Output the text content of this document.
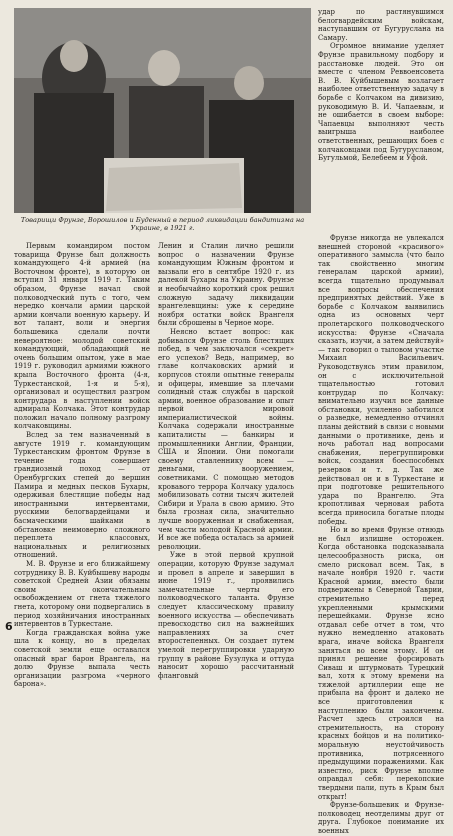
Товарищи Фрунзе, Ворошилов и Буденный в период ликвидации бандитизма на Украине, в 1921 г.

удар по растянувшимся белогвардейским войскам, наступавшим от Бугуруслана на Самару.

Огромное внимание уделяет Фрунзе правильному подбору и расстановке людей. Это он вместе с членом Реввоенсовета В. В. Куйбышевым возлагает наиболее ответственную задачу в борьбе с Колчаком на дивизию, руководимую В. И. Чапаевым, и не ошибается в своем выборе: Чапаевцы выполняют честь выигрыша наиболее ответственных, решающих боев с колчаковцами под Бугурусланом, Бугульмой, Белебеем и Уфой.

Первым командиром постом товарища Фрунзе был должность командующего 4-й армией (на Восточном фронте), в которую он вступил 31 января 1919 г. Таким образом, Фрунзе начал свой полководческий путь с того, чем нередко кончали армии царской армии кончали военную карьеру. И вот талант, воли и энергия большевика сделали почти невероятное: молодой советский командующий, обладающий не очень большим опытом, уже в мае 1919 г. руководил армиями южного крыла Восточного фронта (4-я, Туркестанской, 1-я и 5-я), организовал и осуществил разгром контрудара в наступлении войск адмирала Колчака. Этот контрудар положил начало полному разгрому колчаковщины.

Вслед за тем назначенный в августе 1919 г. командующим Туркестанским фронтом Фрунзе в течение года совершает грандиозный поход — от Оренбургских степей до вершин Памира и медных песков Бухары, одерживая блестящие победы над иностранными интервентами, русскими белогвардейцами и басмаческими шайками в обстановке неимоверно сложного переплета классовых, национальных и религиозных отношений.

М. В. Фрунзе и его ближайшему сотруднику В. В. Куйбышеву народы советской Средней Азии обязаны своим окончательным освобождением от гнета тяжелого гнета, которому они подвергались в период хозяйничания иностранных интервентов в Туркестане.

Когда гражданская война уже шла к концу, но в пределах советской земли еще оставался опасный враг барон Врангель, на долю Фрунзе выпала честь организации разгрома «черного барона».

Ленин и Сталин лично решили вопрос о назначении Фрунзе командующим Южным фронтом и вызвали его в сентябре 1920 г. из далекой Бухары на Украину. Фрунзе и необычайно короткий срок решил сложную задачу ликвидации врангелевщины: уже к середине ноября остатки войск Врангеля были сброшены в Черное море.

Неясно встает вопрос: как добивался Фрунзе столь блестящих побед, в чем заключался «секрет» его успехов? Ведь, например, во главе колчаковских армий и корпусов стояли опытные генералы и офицеры, имевшие за плечами солидный стаж службы в царской армии, военное образование и опыт первой мировой империалистической войны. Колчака содержали иностранные капиталисты — банкиры и промышленники Англии, Франции, США и Японии. Они помогали своему ставленнику всем — деньгами, вооружением, советниками. С помощью методов кровавого террора Колчаку удалось мобилизовать сотни тысяч жителей Сибири и Урала в свою армию. Это была грозная сила, значительно лучше вооруженная и снабженная, чем части молодой Красной армии. И все же победа осталась за армией революции.

Уже в этой первой крупной операции, которую Фрунзе задумал и провел в апреле и завершил в июне 1919 г., проявились замечательные черты его полководческого таланта. Фрунзе следует классическому правилу военного искусства — обеспечивать превосходство сил на важнейших направлениях за счет второстепенных. Он создает путем умелой перегруппировки ударную группу в районе Бузулука и оттуда наносит хорошо рассчитанный фланговый

Фрунзе никогда не увлекался внешней стороной «красивого» оперативного замысла (что было так свойственно многим генералам царской армии), всегда тщательно продумывал все вопросы обеспечения предпринятых действий. Уже в борьбе с Колчаком выявились одна из основных черт пролетарского полководческого искусства: Фрунзе «Сначала сказать, изучи, а затем действуй» — так говорил о тыловом участке Михаил Васильевич. Руководствуясь этим правилом, он с исключительной тщательностью готовил контрудар по Колчаку: внимательно изучил все данные обстановки, усиленно заботился о разведке, немедленно отчинял планы действий в связи с новыми данными о противнике, день и ночь работал над вопросами снабжения, перегруппировки войск, создания боеспособных резервов и т. д. Так же действовал он и в Туркестане и при подготовке решительного удара по Врангелю. Эта кропотливая черновая работа всегда приносила богатые плоды победы.

Но и во время Фрунзе отнюдь не был излишне осторожен. Когда обстановка подсказывала целесообразность риска, он смело рисковал всем. Так, в начале ноября 1920 г. части Красной армии, вместо были подвержены в Северной Таврии, стремительно перед укрепленными крымскими перешейками. Фрунзе ясно отдавал себе отчет в том, что нужно немедленно атаковать врага, иначе войска Врангеля заняться во всем этому. И он принял решение форсировать Сиваш и штурмовать Турецкий вал, хотя к этому времени на тяжелой артиллерии еще не прибыла на фронт и далеко не все приготовления к наступлению были закончены. Расчет здесь строился на стремительность, на сторону красных бойцов и на политико-моральную неустойчивость противника, потрясенного предыдущими поражениями. Как известно, риск Фрунзе вполне оправдал себя: перекопские твердыни пали, путь в Крым был открыт!

Фрунзе-большевик и Фрунзе-полководец неотделимы друг от друга. Глубокое понимание их военных

6
